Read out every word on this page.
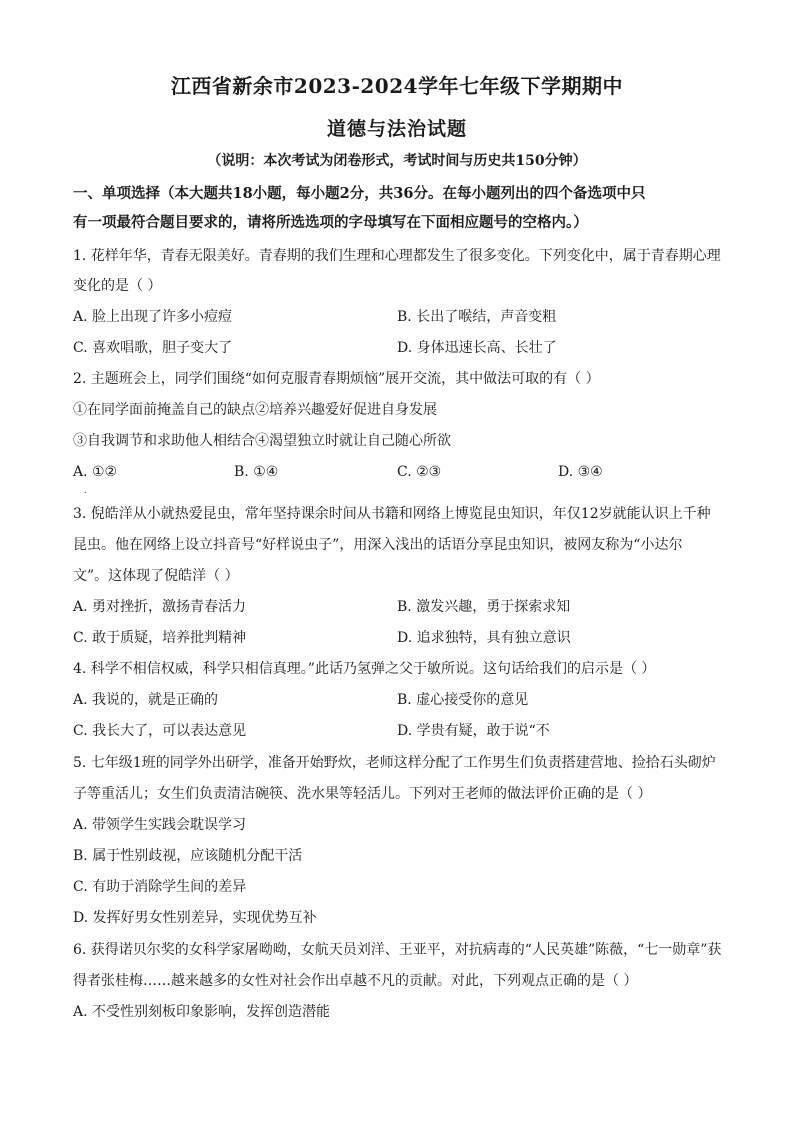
江西省新余市2023-2024学年七年级下学期期中
道德与法治试题
（说明：本次考试为闭卷形式，考试时间与历史共150分钟）
一、单项选择（本大题共18小题，每小题2分，共36分。在每小题列出的四个备选项中只
有一项最符合题目要求的，请将所选选项的字母填写在下面相应题号的空格内。）
1. 花样年华，青春无限美好。青春期的我们生理和心理都发生了很多变化。下列变化中，属于青春期心理
变化的是（ ）
A. 脸上出现了许多小痘痘	B. 长出了喉结，声音变粗
C. 喜欢唱歌，胆子变大了	D. 身体迅速长高、长壮了
2. 主题班会上，同学们围绕“如何克服青春期烦恼”展开交流，其中做法可取的有（ ）
①在同学面前掩盖自己的缺点②培养兴趣爱好促进自身发展
③自我调节和求助他人相结合④渴望独立时就让自己随心所欲
A. ①②	B. ①④	C. ②③	D. ③④
.
3. 倪皓洋从小就热爱昆虫，常年坚持课余时间从书籍和网络上博览昆虫知识，年仅12岁就能认识上千种
昆虫。他在网络上设立抖音号“好样说虫子”，用深入浅出的话语分享昆虫知识，被网友称为“小达尔
文”。这体现了倪皓洋（ ）
A. 勇对挫折，激扬青春活力	B. 激发兴趣，勇于探索求知
C. 敢于质疑，培养批判精神	D. 追求独特，具有独立意识
4. 科学不相信权威，科学只相信真理。”此话乃氢弹之父于敏所说。这句话给我们的启示是（ ）
A. 我说的，就是正确的	B. 虚心接受你的意见
C. 我长大了，可以表达意见	D. 学贵有疑，敢于说“不
5. 七年级1班的同学外出研学，准备开始野炊，老师这样分配了工作男生们负责搭建营地、捡拾石头砌炉
子等重活儿；女生们负责清洁碗筷、洗水果等轻活儿。下列对王老师的做法评价正确的是（ ）
A. 带领学生实践会耽误学习
B. 属于性别歧视，应该随机分配干活
C. 有助于消除学生间的差异
D. 发挥好男女性别差异，实现优势互补
6. 获得诺贝尔奖的女科学家屠呦呦，女航天员刘洋、王亚平，对抗病毒的“人民英雄”陈薇，“七一勋章”获
得者张桂梅……越来越多的女性对社会作出卓越不凡的贡献。对此，下列观点正确的是（ ）
A. 不受性别刻板印象影响，发挥创造潜能
